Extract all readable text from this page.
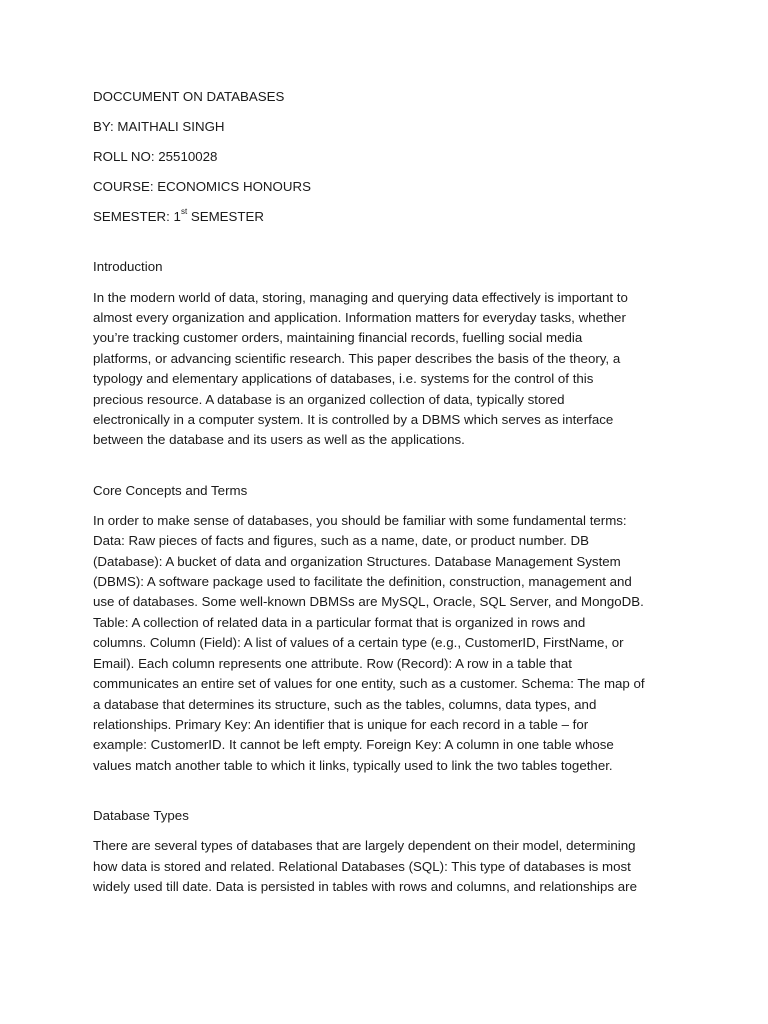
DOCCUMENT ON DATABASES
BY: MAITHALI SINGH
ROLL NO: 25510028
COURSE: ECONOMICS HONOURS
SEMESTER: 1st SEMESTER
Introduction
In the modern world of data, storing, managing and querying data effectively is important to
almost every organization and application. Information matters for everyday tasks, whether
you’re tracking customer orders, maintaining financial records, fuelling social media
platforms, or advancing scientific research. This paper describes the basis of the theory, a
typology and elementary applications of databases, i.e. systems for the control of this
precious resource. A database is an organized collection of data, typically stored
electronically in a computer system. It is controlled by a DBMS which serves as interface
between the database and its users as well as the applications.
Core Concepts and Terms
In order to make sense of databases, you should be familiar with some fundamental terms:
Data: Raw pieces of facts and figures, such as a name, date, or product number. DB
(Database): A bucket of data and organization Structures. Database Management System
(DBMS): A software package used to facilitate the definition, construction, management and
use of databases. Some well-known DBMSs are MySQL, Oracle, SQL Server, and MongoDB.
Table: A collection of related data in a particular format that is organized in rows and
columns. Column (Field): A list of values of a certain type (e.g., CustomerID, FirstName, or
Email). Each column represents one attribute. Row (Record): A row in a table that
communicates an entire set of values for one entity, such as a customer. Schema: The map of
a database that determines its structure, such as the tables, columns, data types, and
relationships. Primary Key: An identifier that is unique for each record in a table – for
example: CustomerID. It cannot be left empty. Foreign Key: A column in one table whose
values match another table to which it links, typically used to link the two tables together.
Database Types
There are several types of databases that are largely dependent on their model, determining
how data is stored and related. Relational Databases (SQL): This type of databases is most
widely used till date. Data is persisted in tables with rows and columns, and relationships are
